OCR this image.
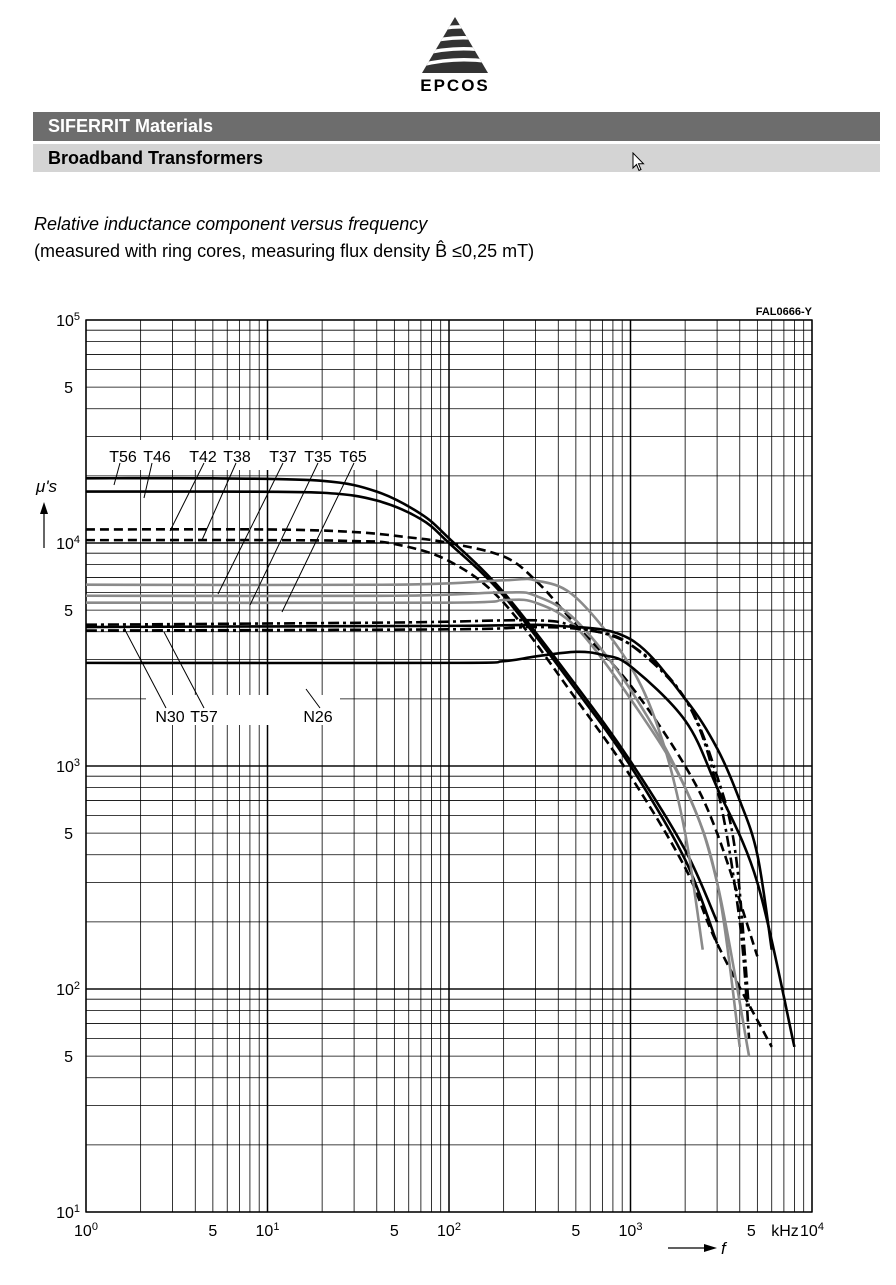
EPCOS
SIFERRIT Materials
Broadband Transformers
Relative inductance component versus frequency
(measured with ring cores, measuring flux density B̂ ≤0,25 mT)
T56 T46 T42 T38 T37 T35 T65
N30 T57	N26
$10^5$
5
$10^4$
5
$10^3$
5
$10^2$
5
$10^1$
$10^0$	5 $10^1$	5 $10^2$	5 $10^3$	5	$10^4$
kHz
FAL0666-Y
μ's
f
